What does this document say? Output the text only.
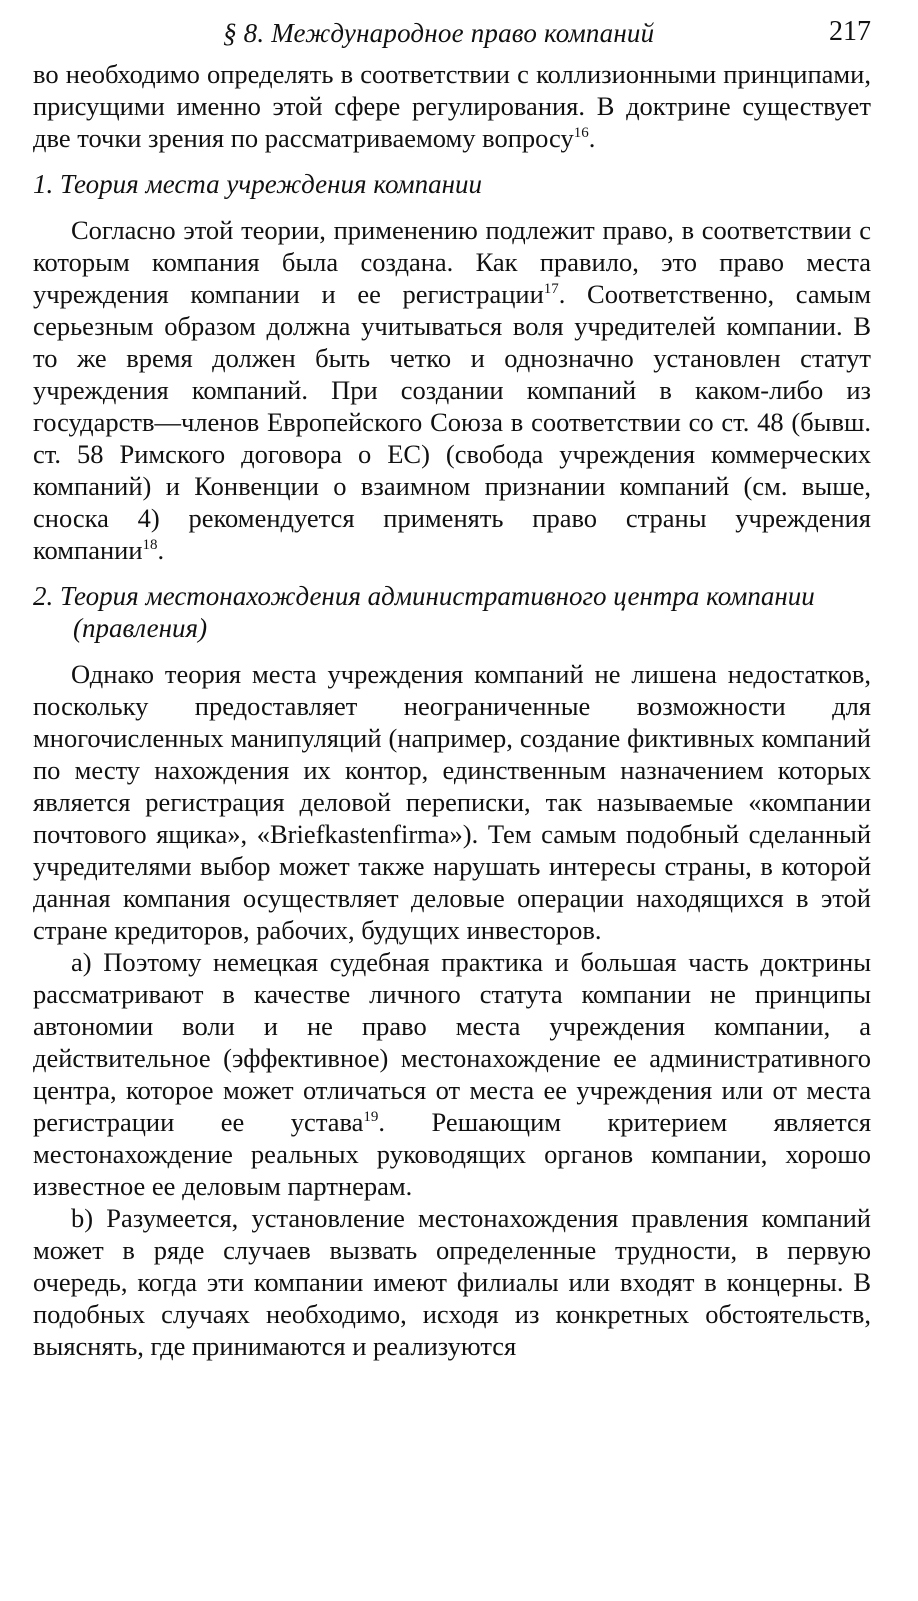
§ 8. Международное право компаний	217

во необходимо определять в соответствии с коллизионными принципами, присущими именно этой сфере регулирования. В доктрине существует две точки зрения по рассматриваемому вопросу$^{16}$.

1. Теория места учреждения компании

Согласно этой теории, применению подлежит право, в соответствии с которым компания была создана. Как правило, это право места учреждения компании и ее регистрации$^{17}$. Соответственно, самым серьезным образом должна учитываться воля учредителей компании. В то же время должен быть четко и однозначно установлен статут учреждения компаний. При создании компаний в каком-либо из государств—членов Европейского Союза в соответствии со ст. 48 (бывш. ст. 58 Римского договора о ЕС) (свобода учреждения коммерческих компаний) и Конвенции о взаимном признании компаний (см. выше, сноска 4) рекомендуется применять право страны учреждения компании$^{18}$.

2. Теория местонахождения административного центра компании (правления)

Однако теория места учреждения компаний не лишена недостатков, поскольку предоставляет неограниченные возможности для многочисленных манипуляций (например, создание фиктивных компаний по месту нахождения их контор, единственным назначением которых является регистрация деловой переписки, так называемые «компании почтового ящика», «Briefkastenfirma»). Тем самым подобный сделанный учредителями выбор может также нарушать интересы страны, в которой данная компания осуществляет деловые операции находящихся в этой стране кредиторов, рабочих, будущих инвесторов.

а) Поэтому немецкая судебная практика и большая часть доктрины рассматривают в качестве личного статута компании не принципы автономии воли и не право места учреждения компании, а действительное (эффективное) местонахождение ее административного центра, которое может отличаться от места ее учреждения или от места регистрации ее устава$^{19}$. Решающим критерием является местонахождение реальных руководящих органов компании, хорошо известное ее деловым партнерам.

b) Разумеется, установление местонахождения правления компаний может в ряде случаев вызвать определенные трудности, в первую очередь, когда эти компании имеют филиалы или входят в концерны. В подобных случаях необходимо, исходя из конкретных обстоятельств, выяснять, где принимаются и реализуются
